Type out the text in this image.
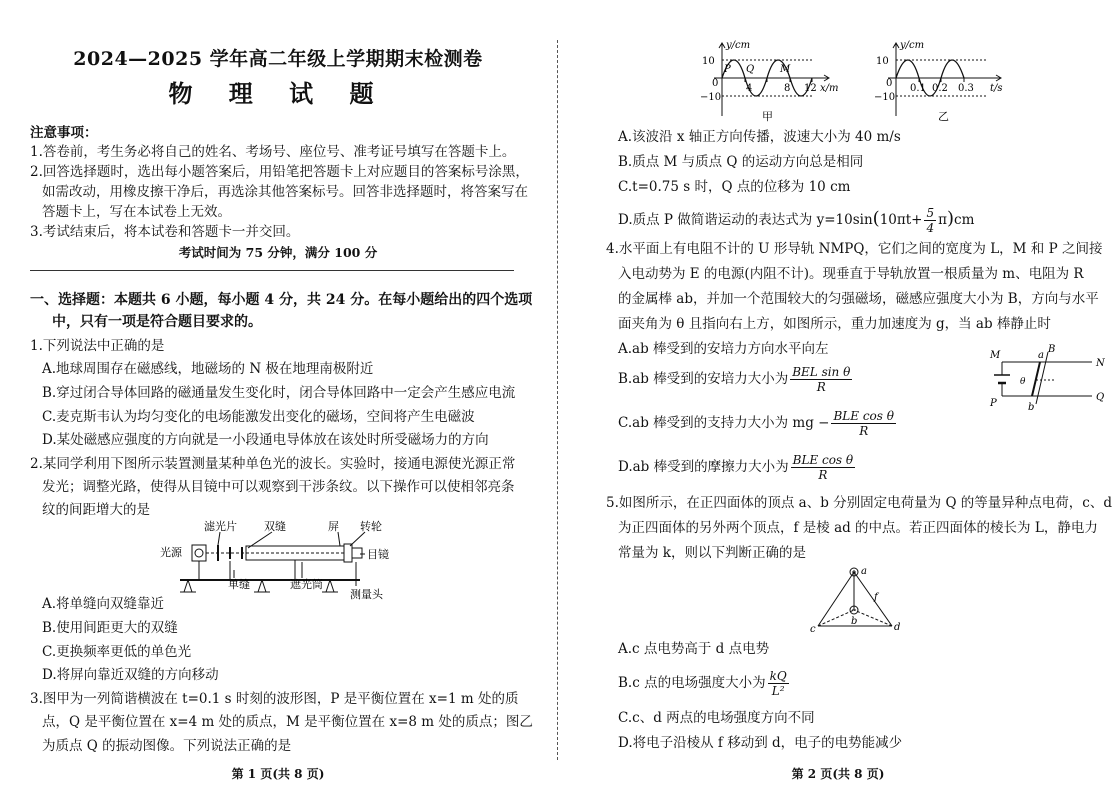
2024—2025 学年高二年级上学期期末检测卷
物 理 试 题
注意事项：
1.答卷前，考生务必将自己的姓名、考场号、座位号、准考证号填写在答题卡上。
2.回答选择题时，选出每小题答案后，用铅笔把答题卡上对应题目的答案标号涂黑，
如需改动，用橡皮擦干净后，再选涂其他答案标号。回答非选择题时，将答案写在
答题卡上，写在本试卷上无效。
3.考试结束后，将本试卷和答题卡一并交回。
考试时间为 75 分钟，满分 100 分
一、选择题：本题共 6 小题，每小题 4 分，共 24 分。在每小题给出的四个选项
中，只有一项是符合题目要求的。
1.下列说法中正确的是
A.地球周围存在磁感线，地磁场的 N 极在地理南极附近
B.穿过闭合导体回路的磁通量发生变化时，闭合导体回路中一定会产生感应电流
C.麦克斯韦认为均匀变化的电场能激发出变化的磁场，空间将产生电磁波
D.某处磁感应强度的方向就是一小段通电导体放在该处时所受磁场力的方向
2.某同学利用下图所示装置测量某种单色光的波长。实验时，接通电源使光源正常
发光；调整光路，使得从目镜中可以观察到干涉条纹。以下操作可以使相邻亮条
纹的间距增大的是
滤光片 双缝	屏 转轮
光源	目镜
单缝	遮光筒
测量头
A.将单缝向双缝靠近
B.使用间距更大的双缝
C.更换频率更低的单色光
D.将屏向靠近双缝的方向移动
3.图甲为一列简谐横波在 t=0.1 s 时刻的波形图，P 是平衡位置在 x=1 m 处的质
点，Q 是平衡位置在 x=4 m 处的质点，M 是平衡位置在 x=8 m 处的质点；图乙
为质点 Q 的振动图像。下列说法正确的是
第 1 页(共 8 页)
y/cm
10
0
−10
4	8 12 x/m
P Q	M
甲
y/cm
10
0
−10
0.1 0.2 0.3 t/s
乙
A.该波沿 x 轴正方向传播，波速大小为 40 m/s
B.质点 M 与质点 Q 的运动方向总是相同
C.t=0.75 s 时，Q 点的位移为 10 cm
D.质点 P 做简谐运动的表达式为 $y=10\sin(10\pi t+ \frac{5}{4} \pi)cm$
4.水平面上有电阻不计的 U 形导轨 NMPQ，它们之间的宽度为 L，M 和 P 之间接
入电动势为 E 的电源(内阻不计)。现垂直于导轨放置一根质量为 m、电阻为 R
的金属棒 ab，并加一个范围较大的匀强磁场，磁感应强度大小为 B，方向与水平
面夹角为 θ 且指向右上方，如图所示，重力加速度为 g，当 ab 棒静止时
A.ab 棒受到的安培力方向水平向左
B.ab 棒受到的安培力大小为 $\frac{\text{BEL sin θ}}{R}$
C.ab 棒受到的支持力大小为 mg − $\frac{\text{BLE cos θ}}{R}$
D.ab 棒受到的摩擦力大小为 $\frac{\text{BLE cos θ}}{R}$
M
B
a
N
θ
P	b
Q
5.如图所示，在正四面体的顶点 a、b 分别固定电荷量为 Q 的等量异种点电荷，c、d
为正四面体的另外两个顶点，f 是棱 ad 的中点。若正四面体的棱长为 L，静电力
常量为 k，则以下判断正确的是
a
f
b
c	d
A.c 点电势高于 d 点电势
B.c 点的电场强度大小为 $\frac{kQ}{\text{L²}}$
C.c、d 两点的电场强度方向不同
D.将电子沿棱从 f 移动到 d，电子的电势能减少
第 2 页(共 8 页)
